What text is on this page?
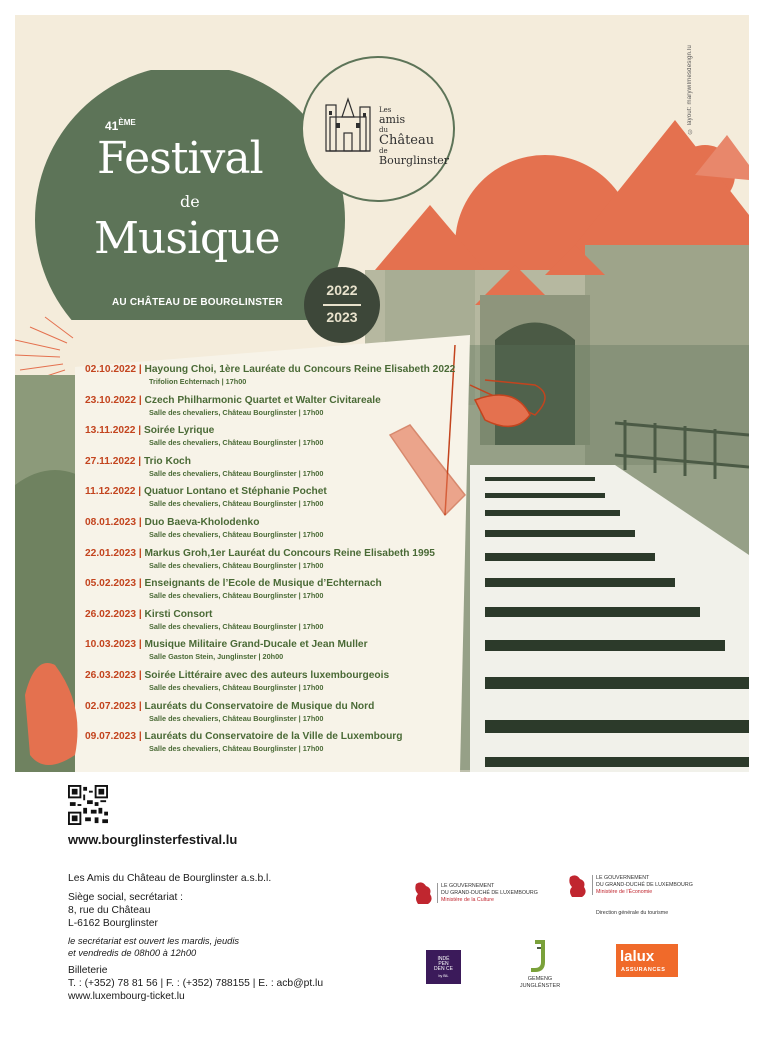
© layout: marywilmesdesign.lu
41ÈME
Festival
de
Musique
AU CHÂTEAU DE BOURGLINSTER
2022
2023
Les
amis
du
Château
de
Bourglinster
02.10.2022 | Hayoung Choi, 1ère Lauréate du Concours Reine Elisabeth 2022
Trifolion Echternach | 17h00
23.10.2022 | Czech Philharmonic Quartet et Walter Civitareale
Salle des chevaliers, Château Bourglinster | 17h00
13.11.2022 | Soirée Lyrique
Salle des chevaliers, Château Bourglinster | 17h00
27.11.2022 | Trio Koch
Salle des chevaliers, Château Bourglinster | 17h00
11.12.2022 | Quatuor Lontano et Stéphanie Pochet
Salle des chevaliers, Château Bourglinster | 17h00
08.01.2023 | Duo Baeva-Kholodenko
Salle des chevaliers, Château Bourglinster | 17h00
22.01.2023 | Markus Groh,1er Lauréat du Concours Reine Elisabeth 1995
Salle des chevaliers, Château Bourglinster | 17h00
05.02.2023 | Enseignants de l’Ecole de Musique d’Echternach
Salle des chevaliers, Château Bourglinster | 17h00
26.02.2023 | Kirsti Consort
Salle des chevaliers, Château Bourglinster | 17h00
10.03.2023 | Musique Militaire Grand-Ducale et Jean Muller
Salle Gaston Stein, Junglinster | 20h00
26.03.2023 | Soirée Littéraire avec des auteurs luxembourgeois
Salle des chevaliers, Château Bourglinster | 17h00
02.07.2023 | Lauréats du Conservatoire de Musique du Nord
Salle des chevaliers, Château Bourglinster | 17h00
09.07.2023 | Lauréats du Conservatoire de la Ville de Luxembourg
Salle des chevaliers, Château Bourglinster | 17h00
www.bourglinsterfestival.lu
Les Amis du Château de Bourglinster a.s.b.l.
Siège social, secrétariat :
8, rue du Château
L-6162 Bourglinster
le secrétariat est ouvert les mardis, jeudis
et vendredis de 08h00 à 12h00
Billeterie
T. : (+352) 78 81 56 | F. : (+352) 788155 | E. : acb@pt.lu
www.luxembourg-ticket.lu
LE GOUVERNEMENT
DU GRAND-DUCHÉ DE LUXEMBOURG
Ministère de la Culture
LE GOUVERNEMENT
DU GRAND-DUCHÉ DE LUXEMBOURG
Ministère de l’Économie
Direction générale du tourisme
INDÉ PEN DEN CE
by BIL
GEMENG
JUNGLËNSTER
lalux
ASSURANCES
